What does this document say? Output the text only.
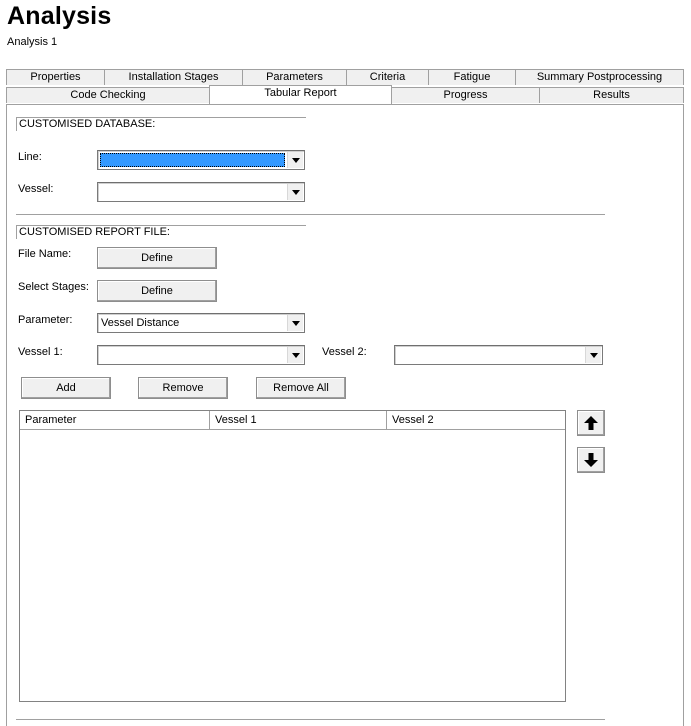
Analysis
Analysis 1
Properties	Installation Stages	Parameters	Criteria	Fatigue	Summary Postprocessing
Code Checking	Tabular Report	Progress	Results
CUSTOMISED DATABASE:
Line:
Vessel:
CUSTOMISED REPORT FILE:
File Name:	Define
Select Stages:	Define
Parameter:	Vessel Distance
Vessel 1:	Vessel 2:
Add	Remove	Remove All
Parameter	Vessel 1	Vessel 2
